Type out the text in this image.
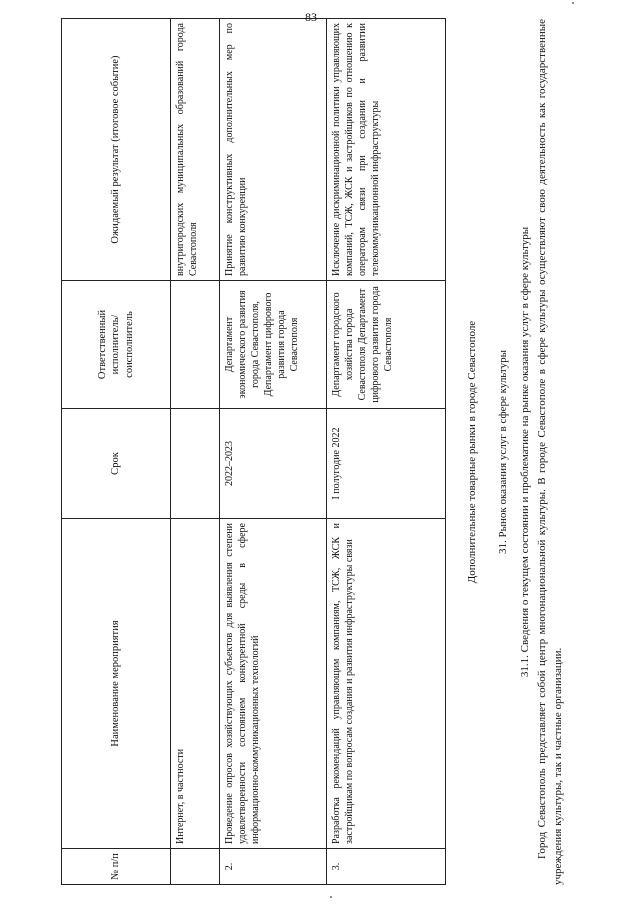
83
№ п/п	Наименование мероприятия	Срок	Ответственный исполнитель/ соисполнитель	Ожидаемый результат (итоговое событие)
	Интернет, в частности			внутригородских муниципальных образований города Севастополя
2.	Проведение опросов хозяйствующих субъектов для выявления степени удовлетворенности состоянием конкурентной среды в сфере информационно-коммуникационных технологий	2022–2023	Департамент экономического развития города Севастополя, Департамент цифрового развития города Севастополя	Принятие конструктивных дополнительных мер по развитию конкуренции
3.	Разработка рекомендаций управляющим компаниям, ТСЖ, ЖСК и застройщикам по вопросам создания и развития инфраструктуры связи	I полугодие 2022	Департамент городского хозяйства города Севастополя Департамент цифрового развития города Севастополя	Исключение дискриминационной политики управляющих компаний, ТСЖ, ЖСК и застройщиков по отношению к операторам связи при создании и развитии телекоммуникационной инфраструктуры
Дополнительные товарные рынки в городе Севастополе 31. Рынок оказания услуг в сфере культуры 31.1. Сведения о текущем состоянии и проблематике на рынке оказания услуг в сфере культуры Город Севастополь представляет собой центр многонациональной культуры. В городе Севастополе в сфере культуры осуществляют свою деятельность как государственные учреждения культуры, так и частные организации.
